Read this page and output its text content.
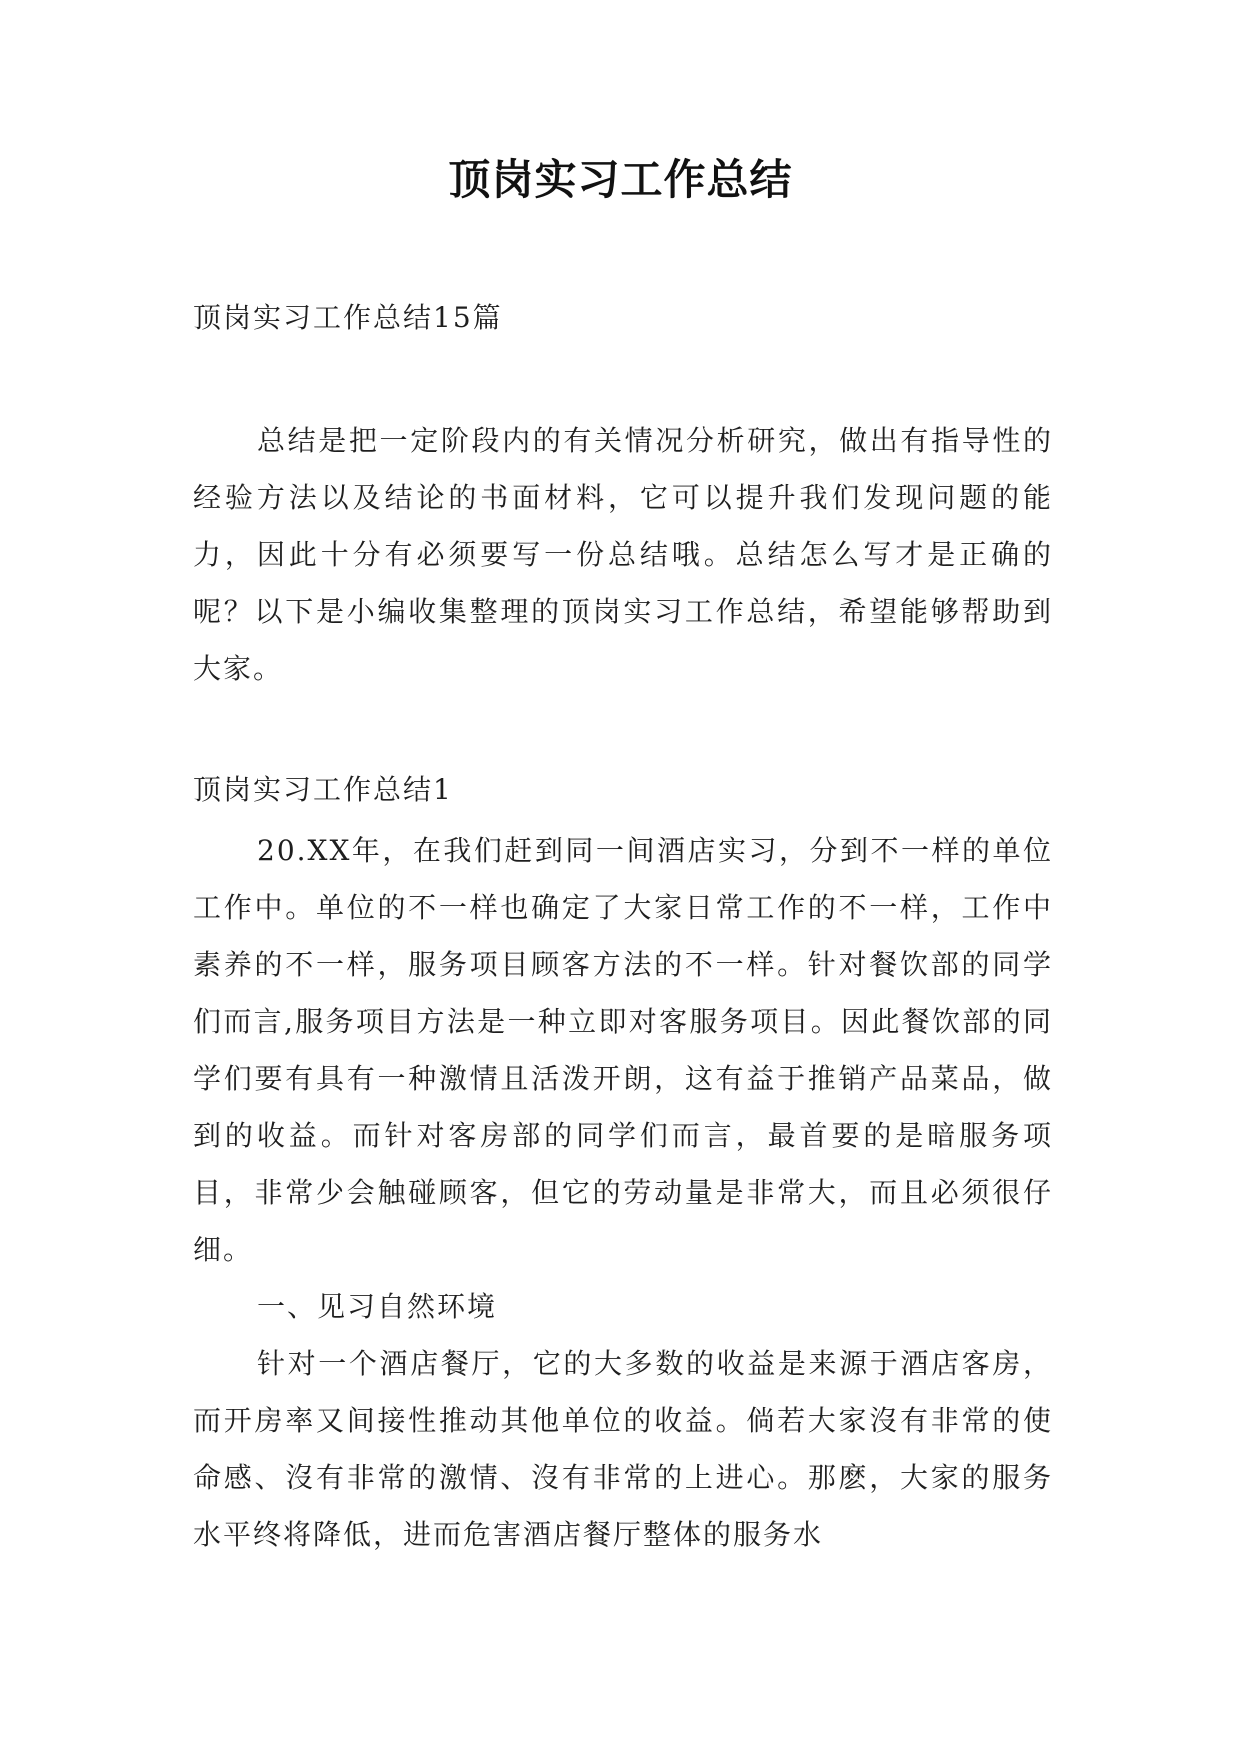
顶岗实习工作总结
顶岗实习工作总结15篇

总结是把一定阶段内的有关情况分析研究，做出有指导性的经验方法以及结论的书面材料，它可以提升我们发现问题的能力，因此十分有必须要写一份总结哦。总结怎么写才是正确的呢？以下是小编收集整理的顶岗实习工作总结，希望能够帮助到大家。

顶岗实习工作总结1

20.XX年，在我们赶到同一间酒店实习，分到不一样的单位工作中。单位的不一样也确定了大家日常工作的不一样，工作中素养的不一样，服务项目顾客方法的不一样。针对餐饮部的同学们而言,服务项目方法是一种立即对客服务项目。因此餐饮部的同学们要有具有一种激情且活泼开朗，这有益于推销产品菜品，做到的收益。而针对客房部的同学们而言，最首要的是暗服务项目，非常少会触碰顾客，但它的劳动量是非常大，而且必须很仔细。

一、见习自然环境

针对一个酒店餐厅，它的大多数的收益是来源于酒店客房，而开房率又间接性推动其他单位的收益。倘若大家沒有非常的使命感、沒有非常的激情、沒有非常的上进心。那麽，大家的服务水平终将降低，进而危害酒店餐厅整体的服务水
